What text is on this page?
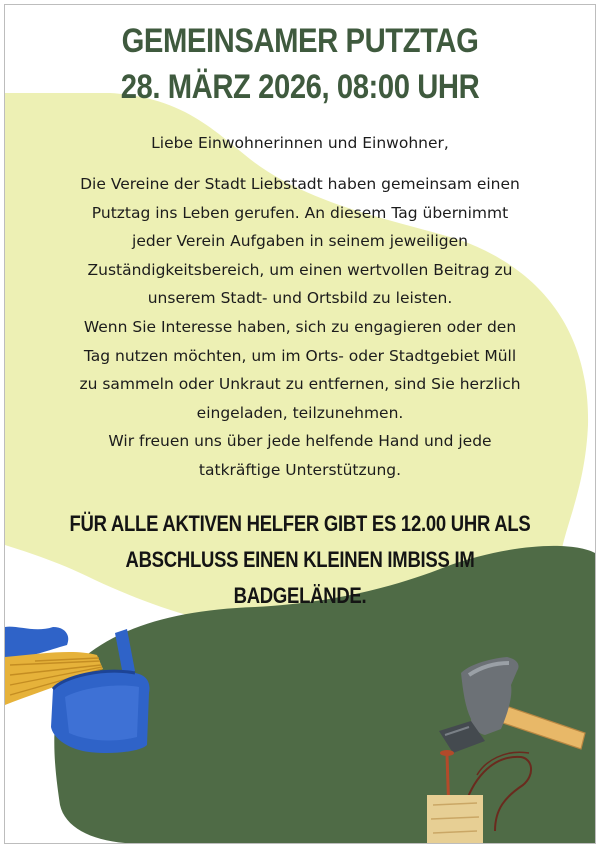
GEMEINSAMER PUTZTAG
28. MÄRZ 2026, 08:00 UHR

Liebe Einwohnerinnen und Einwohner,

Die Vereine der Stadt Liebstadt haben gemeinsam einen

Putztag ins Leben gerufen. An diesem Tag übernimmt

jeder Verein Aufgaben in seinem jeweiligen

Zuständigkeitsbereich, um einen wertvollen Beitrag zu

unserem Stadt- und Ortsbild zu leisten.

Wenn Sie Interesse haben, sich zu engagieren oder den

Tag nutzen möchten, um im Orts- oder Stadtgebiet Müll

zu sammeln oder Unkraut zu entfernen, sind Sie herzlich

eingeladen, teilzunehmen.

Wir freuen uns über jede helfende Hand und jede

tatkräftige Unterstützung.

FÜR ALLE AKTIVEN HELFER GIBT ES 12.00 UHR ALS

ABSCHLUSS EINEN KLEINEN IMBISS IM

BADGELÄNDE.
